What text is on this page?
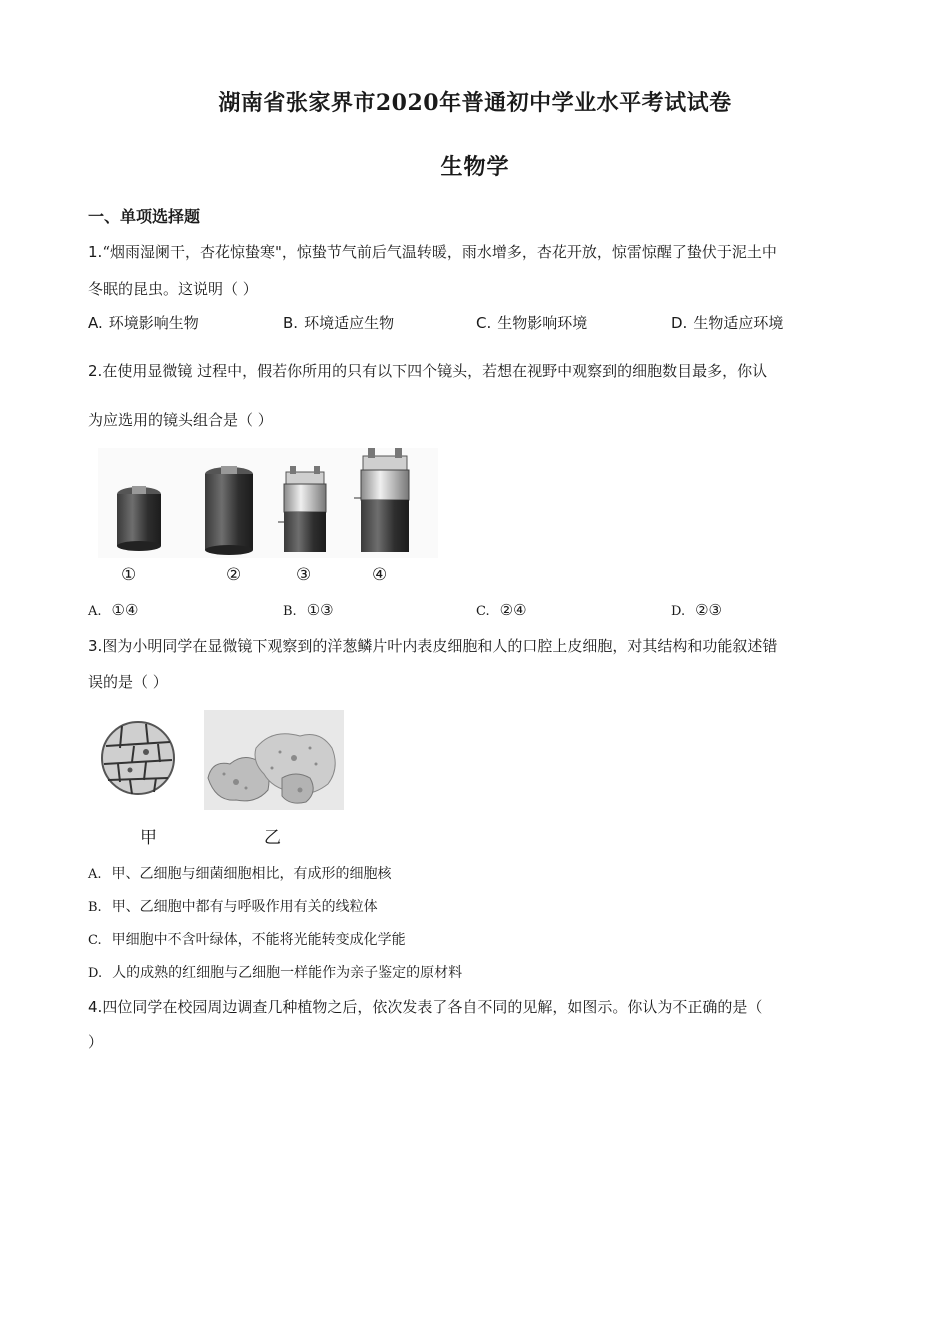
湖南省张家界市2020年普通初中学业水平考试试卷
生物学
一、单项选择题
1.“烟雨湿阑干，杏花惊蛰寒"，惊蛰节气前后气温转暖，雨水增多，杏花开放，惊雷惊醒了蛰伏于泥土中
冬眠的昆虫。这说明（ ）
A. 环境影响生物	B. 环境适应生物	C. 生物影响环境	D. 生物适应环境
2.在使用显微镜 过程中，假若你所用的只有以下四个镜头，若想在视野中观察到的细胞数目最多，你认
为应选用的镜头组合是（ ）
①	②	③	④
A. ①④	B. ①③	C. ②④	D. ②③
3.图为小明同学在显微镜下观察到的洋葱鳞片叶内表皮细胞和人的口腔上皮细胞，对其结构和功能叙述错
误的是（ ）
甲	乙
A. 甲、乙细胞与细菌细胞相比，有成形的细胞核
B. 甲、乙细胞中都有与呼吸作用有关的线粒体
C. 甲细胞中不含叶绿体，不能将光能转变成化学能
D. 人的成熟的红细胞与乙细胞一样能作为亲子鉴定的原材料
4.四位同学在校园周边调查几种植物之后，依次发表了各自不同的见解，如图示。你认为不正确的是（
）
